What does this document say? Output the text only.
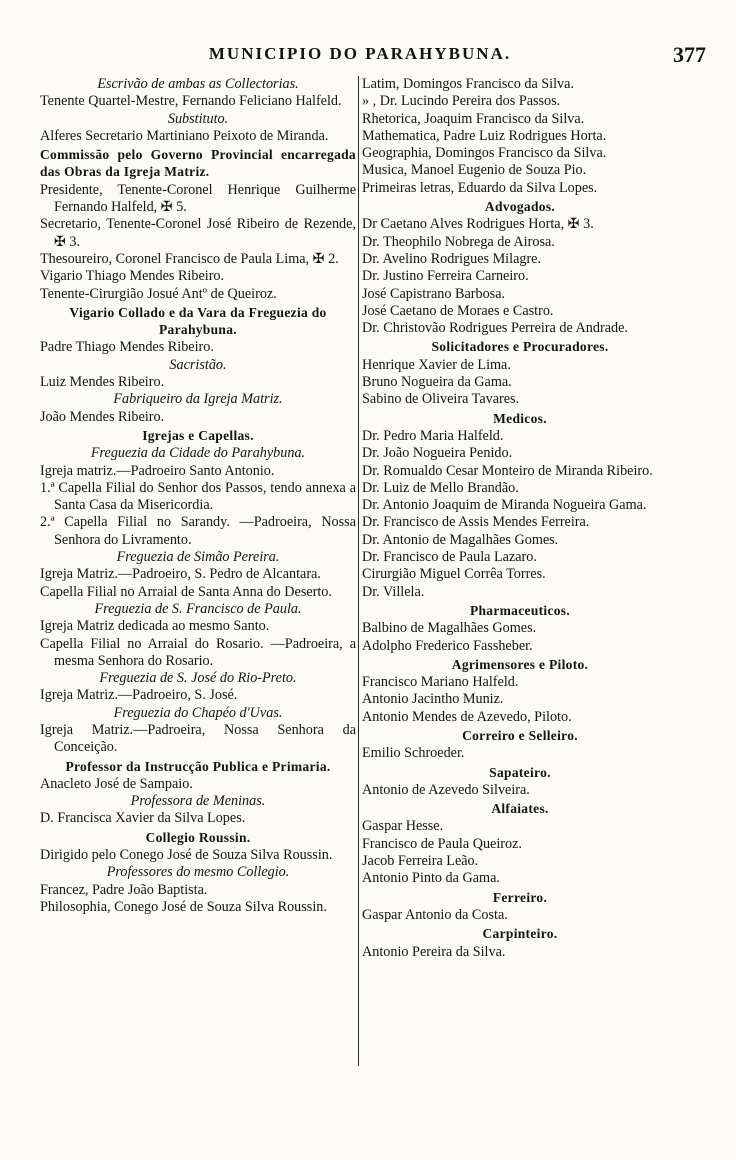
MUNICIPIO DO PARAHYBUNA.	377
Escrivão de ambas as Collectorias.
Tenente Quartel-Mestre, Fernando Feliciano Halfeld.
Substituto.
Alferes Secretario Martiniano Peixoto de Miranda.
Commissão pelo Governo Provincial encarregada das Obras da Igreja Matriz.
Presidente, Tenente-Coronel Henrique Guilherme Fernando Halfeld, ✠ 5.
Secretario, Tenente-Coronel José Ribeiro de Rezende, ✠ 3.
Thesoureiro, Coronel Francisco de Paula Lima, ✠ 2.
Vigario Thiago Mendes Ribeiro.
Tenente-Cirurgião Josué Antº de Queiroz.
Vigario Collado e da Vara da Freguezia do Parahybuna.
Padre Thiago Mendes Ribeiro.
Sacristão.
Luiz Mendes Ribeiro.
Fabriqueiro da Igreja Matriz.
João Mendes Ribeiro.
Igrejas e Capellas.
Freguezia da Cidade do Parahybuna.
Igreja matriz.—Padroeiro Santo Antonio.
1.ª Capella Filial do Senhor dos Passos, tendo annexa a Santa Casa da Misericordia.
2.ª Capella Filial no Sarandy. —Padroeira, Nossa Senhora do Livramento.
Freguezia de Simão Pereira.
Igreja Matriz.—Padroeiro, S. Pedro de Alcantara.
Capella Filial no Arraial de Santa Anna do Deserto.
Freguezia de S. Francisco de Paula.
Igreja Matriz dedicada ao mesmo Santo.
Capella Filial no Arraial do Rosario. —Padroeira, a mesma Senhora do Rosario.
Freguezia de S. José do Rio-Preto.
Igreja Matriz.—Padroeiro, S. José.
Freguezia do Chapéo d'Uvas.
Igreja Matriz.—Padroeira, Nossa Senhora da Conceição.
Professor da Instrucção Publica e Primaria.
Anacleto José de Sampaio.
Professora de Meninas.
D. Francisca Xavier da Silva Lopes.
Collegio Roussin.
Dirigido pelo Conego José de Souza Silva Roussin.
Professores do mesmo Collegio.
Francez, Padre João Baptista.
Philosophia, Conego José de Souza Silva Roussin.
Latim, Domingos Francisco da Silva.
» , Dr. Lucindo Pereira dos Passos.
Rhetorica, Joaquim Francisco da Silva.
Mathematica, Padre Luiz Rodrigues Horta.
Geographia, Domingos Francisco da Silva.
Musica, Manoel Eugenio de Souza Pio.
Primeiras letras, Eduardo da Silva Lopes.
Advogados.
Dr Caetano Alves Rodrigues Horta, ✠ 3.
Dr. Theophilo Nobrega de Airosa.
Dr. Avelino Rodrigues Milagre.
Dr. Justino Ferreira Carneiro.
José Capistrano Barbosa.
José Caetano de Moraes e Castro.
Dr. Christovão Rodrigues Perreira de Andrade.
Solicitadores e Procuradores.
Henrique Xavier de Lima.
Bruno Nogueira da Gama.
Sabino de Oliveira Tavares.
Medicos.
Dr. Pedro Maria Halfeld.
Dr. João Nogueira Penido.
Dr. Romualdo Cesar Monteiro de Miranda Ribeiro.
Dr. Luiz de Mello Brandão.
Dr. Antonio Joaquim de Miranda Nogueira Gama.
Dr. Francisco de Assis Mendes Ferreira.
Dr. Antonio de Magalhães Gomes.
Dr. Francisco de Paula Lazaro.
Cirurgião Miguel Corrêa Torres.
Dr. Villela.
Pharmaceuticos.
Balbino de Magalhães Gomes.
Adolpho Frederico Fassheber.
Agrimensores e Piloto.
Francisco Mariano Halfeld.
Antonio Jacintho Muniz.
Antonio Mendes de Azevedo, Piloto.
Correiro e Selleiro.
Emilio Schroeder.
Sapateiro.
Antonio de Azevedo Silveira.
Alfaiates.
Gaspar Hesse.
Francisco de Paula Queiroz.
Jacob Ferreira Leão.
Antonio Pinto da Gama.
Ferreiro.
Gaspar Antonio da Costa.
Carpinteiro.
Antonio Pereira da Silva.
